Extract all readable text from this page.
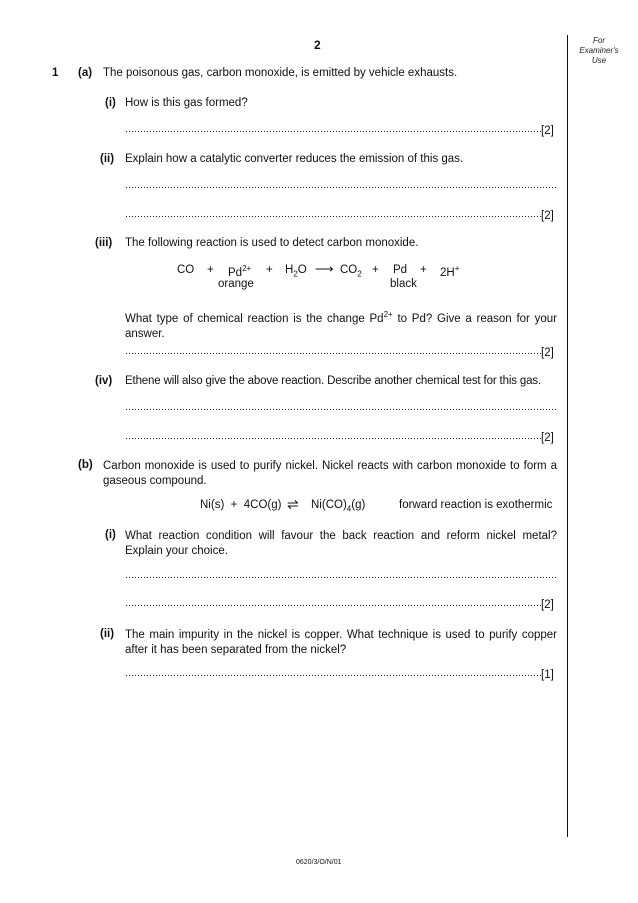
For
Examiner's
Use
2
1 (a) The poisonous gas, carbon monoxide, is emitted by vehicle exhausts.
(i) How is this gas formed?
[2]
(ii) Explain how a catalytic converter reduces the emission of this gas.
[2]
(iii) The following reaction is used to detect carbon monoxide.
CO + $Pd^{2+} + H_2O$ ⟶ $CO_2 + Pd + 2H^+$
orange	black
What type of chemical reaction is the change $Pd^{2+}$ to Pd? Give a reason for your answer.
[2]
(iv) Ethene will also give the above reaction. Describe another chemical test for this gas.
[2]
(b) Carbon monoxide is used to purify nickel. Nickel reacts with carbon monoxide to form a gaseous compound.
Ni(s)  +  4CO(g) ⇌ $Ni(CO)_4(g)$	forward reaction is exothermic
(i) What reaction condition will favour the back reaction and reform nickel metal? Explain your choice.
[2]
(ii) The main impurity in the nickel is copper. What technique is used to purify copper after it has been separated from the nickel?
[1]
0620/3/O/N/01
